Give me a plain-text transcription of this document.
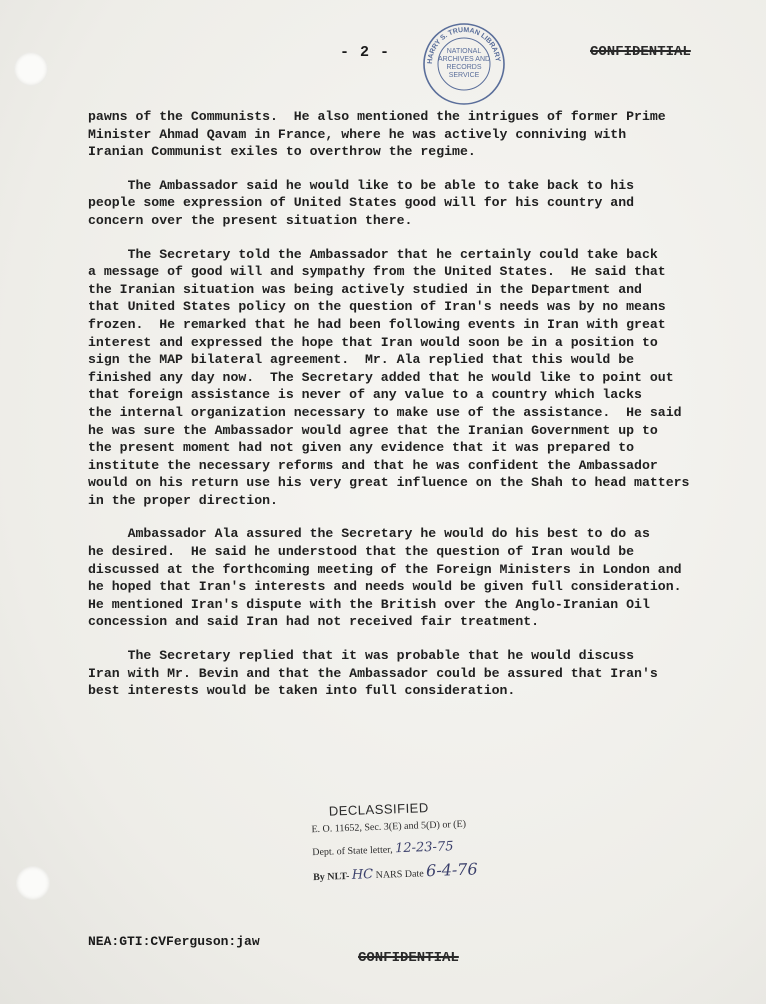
- 2 -
HARRY S. TRUMAN LIBRARY
NATIONAL
ARCHIVES AND
RECORDS
SERVICE
CONFIDENTIAL

pawns of the Communists.  He also mentioned the intrigues of former Prime
Minister Ahmad Qavam in France, where he was actively conniving with
Iranian Communist exiles to overthrow the regime.

The Ambassador said he would like to be able to take back to his
people some expression of United States good will for his country and
concern over the present situation there.

The Secretary told the Ambassador that he certainly could take back
a message of good will and sympathy from the United States.  He said that
the Iranian situation was being actively studied in the Department and
that United States policy on the question of Iran's needs was by no means
frozen.  He remarked that he had been following events in Iran with great
interest and expressed the hope that Iran would soon be in a position to
sign the MAP bilateral agreement.  Mr. Ala replied that this would be
finished any day now.  The Secretary added that he would like to point out
that foreign assistance is never of any value to a country which lacks
the internal organization necessary to make use of the assistance.  He said
he was sure the Ambassador would agree that the Iranian Government up to
the present moment had not given any evidence that it was prepared to
institute the necessary reforms and that he was confident the Ambassador
would on his return use his very great influence on the Shah to head matters
in the proper direction.

Ambassador Ala assured the Secretary he would do his best to do as
he desired.  He said he understood that the question of Iran would be
discussed at the forthcoming meeting of the Foreign Ministers in London and
he hoped that Iran's interests and needs would be given full consideration.
He mentioned Iran's dispute with the British over the Anglo-Iranian Oil
concession and said Iran had not received fair treatment.

The Secretary replied that it was probable that he would discuss
Iran with Mr. Bevin and that the Ambassador could be assured that Iran's
best interests would be taken into full consideration.

DECLASSIFIED
E. O. 11652, Sec. 3(E) and 5(D) or (E)
Dept. of State letter, 12-23-75
By NLT- HC NARS Date 6-4-76
NEA:GTI:CVFerguson:jaw
CONFIDENTIAL
